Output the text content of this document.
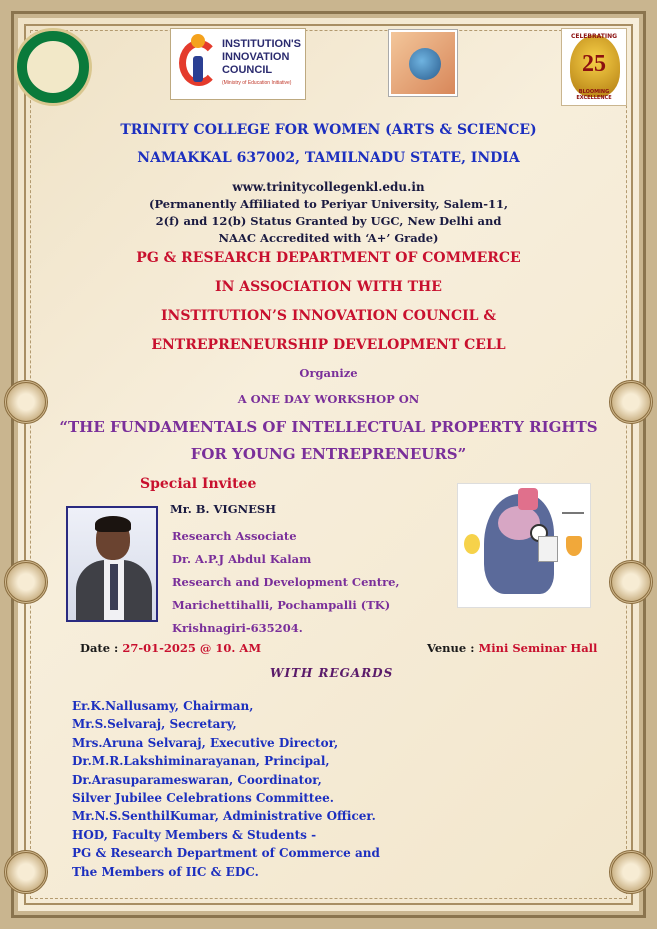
INSTITUTION'S
INNOVATION
COUNCIL
(Ministry of Education Initiative)
CELEBRATING
25
BLOOMING EXCELLENCE
TRINITY COLLEGE FOR WOMEN (ARTS & SCIENCE)
NAMAKKAL 637002, TAMILNADU STATE, INDIA
www.trinitycollegenkl.edu.in
(Permanently Affiliated to Periyar University, Salem-11,
2(f) and 12(b) Status Granted by UGC, New Delhi and
NAAC Accredited with ‘A+’ Grade)
PG & RESEARCH DEPARTMENT OF COMMERCE
IN ASSOCIATION WITH THE
INSTITUTION’S INNOVATION COUNCIL &
ENTREPRENEURSHIP DEVELOPMENT CELL
Organize
A ONE DAY WORKSHOP ON
“THE FUNDAMENTALS OF INTELLECTUAL PROPERTY RIGHTS
FOR YOUNG ENTREPRENEURS”
Special Invitee
Mr. B. VIGNESH
Research Associate
Dr. A.P.J Abdul Kalam
Research and Development Centre,
Marichettihalli, Pochampalli (TK)
Krishnagiri-635204.
Date : 27-01-2025 @ 10. AM	Venue : Mini Seminar Hall
WITH REGARDS
Er.K.Nallusamy, Chairman,
Mr.S.Selvaraj, Secretary,
Mrs.Aruna Selvaraj, Executive Director,
Dr.M.R.Lakshiminarayanan, Principal,
Dr.Arasuparameswaran, Coordinator,
Silver Jubilee Celebrations Committee.
Mr.N.S.SenthilKumar, Administrative Officer.
HOD, Faculty Members & Students -
PG & Research Department of Commerce and
The Members of IIC & EDC.
